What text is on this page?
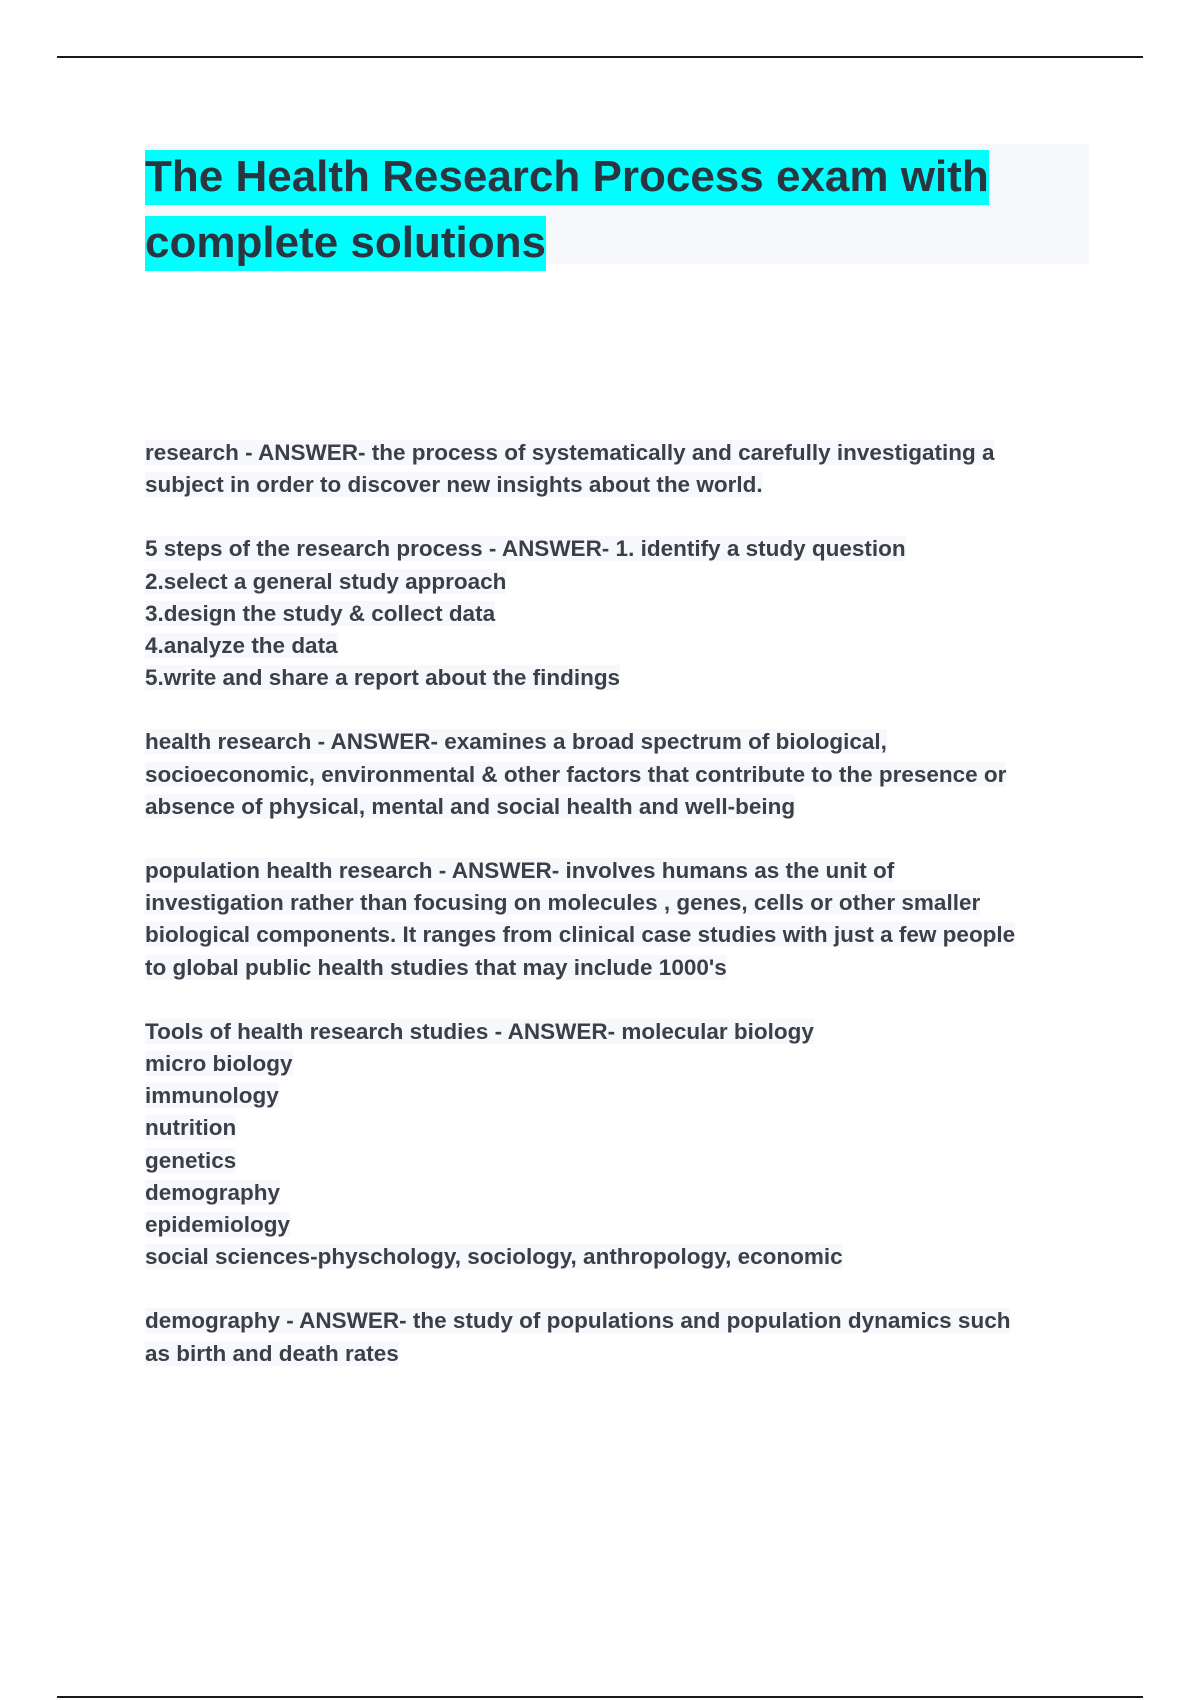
The Health Research Process exam with
complete solutions
research - ANSWER- the process of systematically and carefully investigating a
subject in order to discover new insights about the world.
5 steps of the research process - ANSWER- 1. identify a study question
2.select a general study approach
3.design the study & collect data
4.analyze the data
5.write and share a report about the findings
health research - ANSWER- examines a broad spectrum of biological,
socioeconomic, environmental & other factors that contribute to the presence or
absence of physical, mental and social health and well-being
population health research - ANSWER- involves humans as the unit of
investigation rather than focusing on molecules , genes, cells or other smaller
biological components. It ranges from clinical case studies with just a few people
to global public health studies that may include 1000's
Tools of health research studies - ANSWER- molecular biology
micro biology
immunology
nutrition
genetics
demography
epidemiology
social sciences-physchology, sociology, anthropology, economic
demography - ANSWER- the study of populations and population dynamics such
as birth and death rates
